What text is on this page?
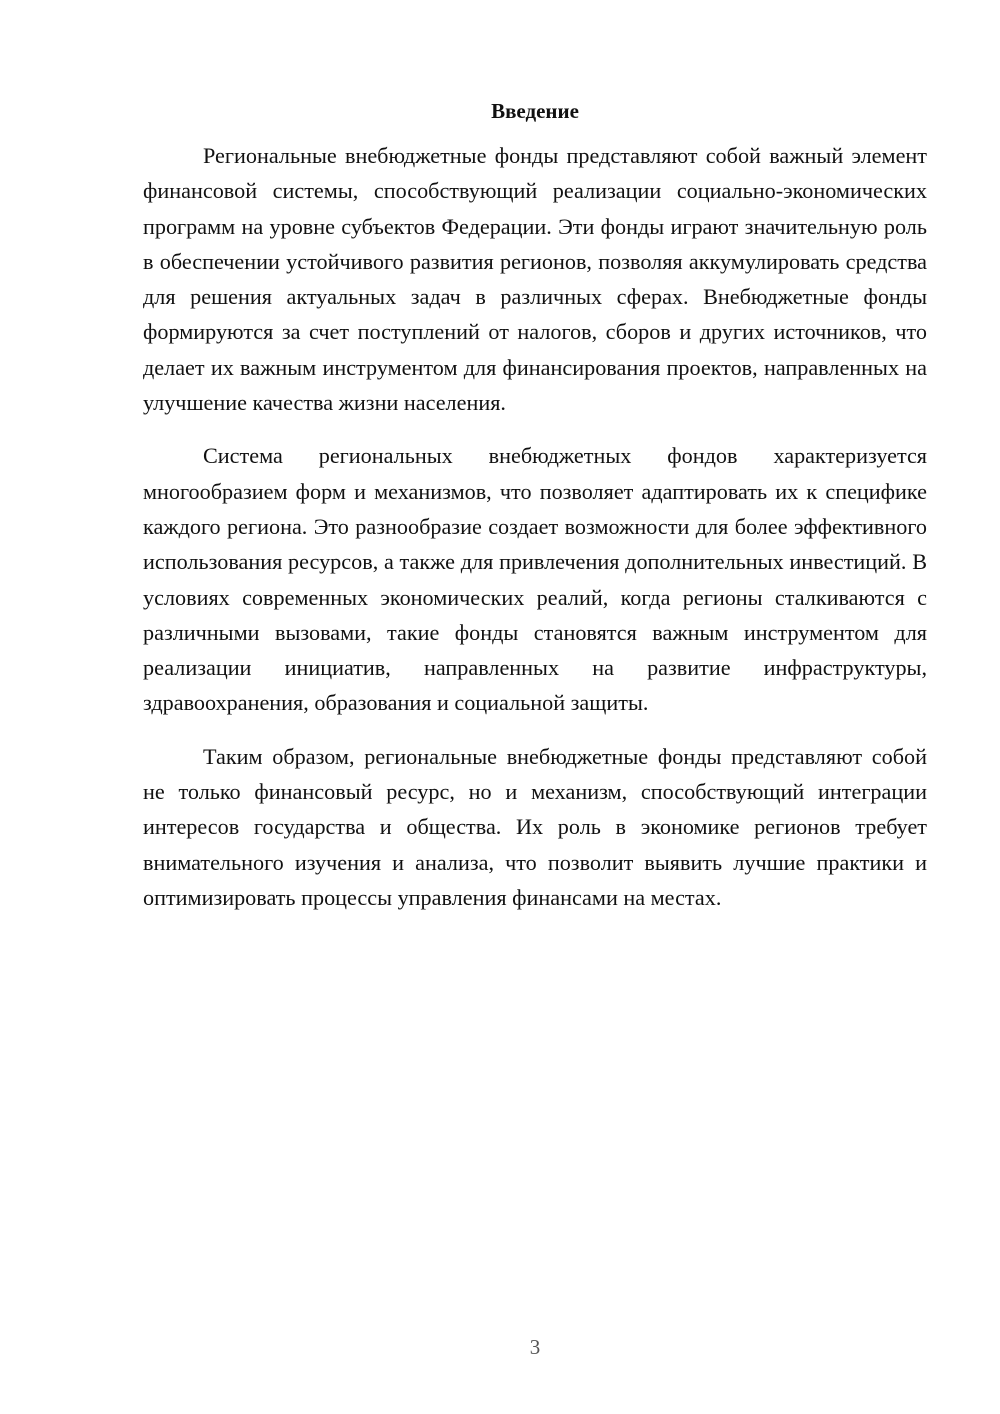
Введение

Региональные внебюджетные фонды представляют собой важный элемент финансовой системы, способствующий реализации социально-экономических программ на уровне субъектов Федерации. Эти фонды играют значительную роль в обеспечении устойчивого развития регионов, позволяя аккумулировать средства для решения актуальных задач в различных сферах. Внебюджетные фонды формируются за счет поступлений от налогов, сборов и других источников, что делает их важным инструментом для финансирования проектов, направленных на улучшение качества жизни населения.

Система региональных внебюджетных фондов характеризуется многообразием форм и механизмов, что позволяет адаптировать их к специфике каждого региона. Это разнообразие создает возможности для более эффективного использования ресурсов, а также для привлечения дополнительных инвестиций. В условиях современных экономических реалий, когда регионы сталкиваются с различными вызовами, такие фонды становятся важным инструментом для реализации инициатив, направленных на развитие инфраструктуры, здравоохранения, образования и социальной защиты.

Таким образом, региональные внебюджетные фонды представляют собой не только финансовый ресурс, но и механизм, способствующий интеграции интересов государства и общества. Их роль в экономике регионов требует внимательного изучения и анализа, что позволит выявить лучшие практики и оптимизировать процессы управления финансами на местах.

3
